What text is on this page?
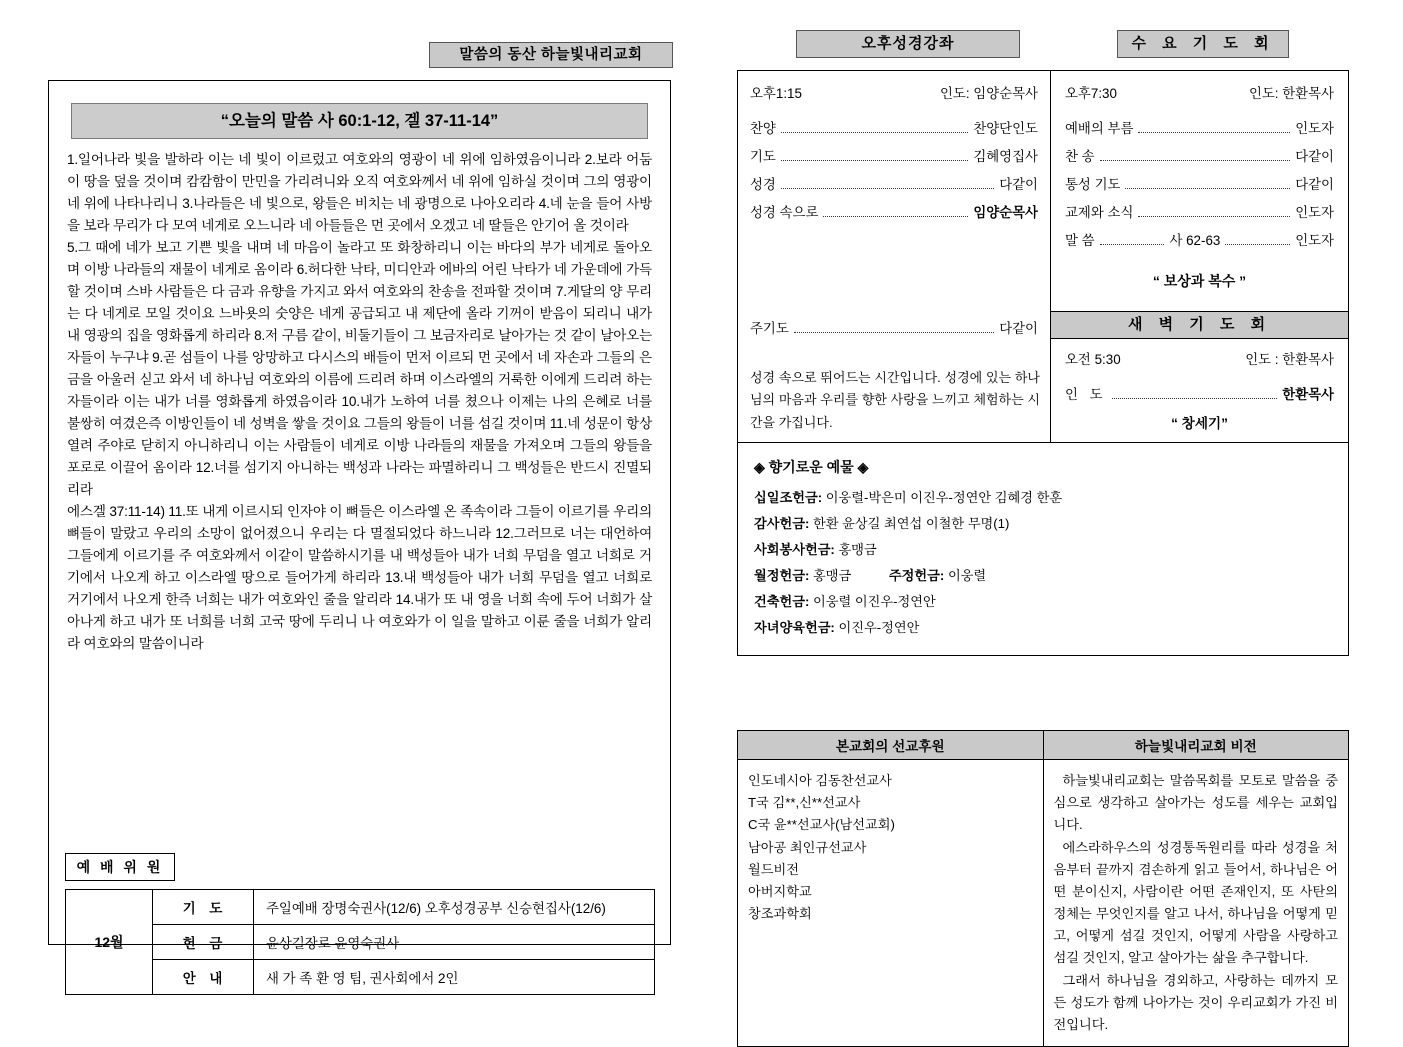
말씀의 동산 하늘빛내리교회
“오늘의 말씀 사 60:1-12, 겔 37-11-14”

1.일어나라 빛을 발하라 이는 네 빛이 이르렀고 여호와의 영광이 네 위에 임하였음이니라 2.보라 어둠이 땅을 덮을 것이며 캄캄함이 만민을 가리려니와 오직 여호와께서 네 위에 임하실 것이며 그의 영광이 네 위에 나타나리니 3.나라들은 네 빛으로, 왕들은 비치는 네 광명으로 나아오리라 4.네 눈을 들어 사방을 보라 무리가 다 모여 네게로 오느니라 네 아들들은 먼 곳에서 오겠고 네 딸들은 안기어 올 것이라

5.그 때에 네가 보고 기쁜 빛을 내며 네 마음이 놀라고 또 화창하리니 이는 바다의 부가 네게로 돌아오며 이방 나라들의 재물이 네게로 옴이라 6.허다한 낙타, 미디안과 에바의 어린 낙타가 네 가운데에 가득할 것이며 스바 사람들은 다 금과 유향을 가지고 와서 여호와의 찬송을 전파할 것이며 7.게달의 양 무리는 다 네게로 모일 것이요 느바욧의 숫양은 네게 공급되고 내 제단에 올라 기꺼이 받음이 되리니 내가 내 영광의 집을 영화롭게 하리라 8.저 구름 같이, 비둘기들이 그 보금자리로 날아가는 것 같이 날아오는 자들이 누구냐 9.곧 섬들이 나를 앙망하고 다시스의 배들이 먼저 이르되 먼 곳에서 네 자손과 그들의 은금을 아울러 싣고 와서 네 하나님 여호와의 이름에 드리려 하며 이스라엘의 거룩한 이에게 드리려 하는 자들이라 이는 내가 너를 영화롭게 하였음이라 10.내가 노하여 너를 쳤으나 이제는 나의 은혜로 너를 불쌍히 여겼은즉 이방인들이 네 성벽을 쌓을 것이요 그들의 왕들이 너를 섬길 것이며 11.네 성문이 항상 열려 주야로 닫히지 아니하리니 이는 사람들이 네게로 이방 나라들의 재물을 가져오며 그들의 왕들을 포로로 이끌어 옴이라 12.너를 섬기지 아니하는 백성과 나라는 파멸하리니 그 백성들은 반드시 진멸되리라

에스겔 37:11-14) 11.또 내게 이르시되 인자야 이 뼈들은 이스라엘 온 족속이라 그들이 이르기를 우리의 뼈들이 말랐고 우리의 소망이 없어졌으니 우리는 다 멸절되었다 하느니라 12.그러므로 너는 대언하여 그들에게 이르기를 주 여호와께서 이같이 말씀하시기를 내 백성들아 내가 너희 무덤을 열고 너희로 거기에서 나오게 하고 이스라엘 땅으로 들어가게 하리라 13.내 백성들아 내가 너희 무덤을 열고 너희로 거기에서 나오게 한즉 너희는 내가 여호와인 줄을 알리라 14.내가 또 내 영을 너희 속에 두어 너희가 살아나게 하고 내가 또 너희를 너희 고국 땅에 두리니 나 여호와가 이 일을 말하고 이룬 줄을 너희가 알리라 여호와의 말씀이니라

예 배 위 원
12월	기 도	주일예배 장명숙권사(12/6) 오후성경공부 신승현집사(12/6)
	헌 금	윤상길장로 윤영숙권사
	안 내	새 가 족 환 영 팀, 권사회에서 2인
오후성경강좌	수 요 기 도 회
오후1:15	인도: 임양순목사
찬양	찬양단인도
기도	김혜영집사
성경	다같이
성경 속으로	임양순목사
주기도	다같이
성경 속으로 뛰어드는 시간입니다. 성경에 있는 하나님의 마음과 우리를 향한 사랑을 느끼고 체험하는 시간을 가집니다.
오후7:30	인도: 한환목사
예배의 부름	인도자
찬 송	다같이
통성 기도	다같이
교제와 소식	인도자
말 씀	사 62-63	인도자
“ 보상과 복수 ”
새 벽 기 도 회
오전 5:30	인도 : 한환목사
인 도	한환목사
“ 창세기”
◈ 향기로운 예물 ◈
십일조헌금: 이웅렬-박은미 이진우-정연안 김혜경 한훈
감사헌금: 한환 윤상길 최연섭 이철한 무명(1)
사회봉사헌금: 홍맹금
월정헌금: 홍맹금	주정헌금: 이웅렬
건축헌금: 이웅렬 이진우-정연안
자녀양육헌금: 이진우-정연안
본교회의 선교후원	하늘빛내리교회 비전

인도네시아 김동찬선교사
T국 김**,신**선교사
C국 윤**선교사(남선교회)
남아공 최인규선교사
월드비전
아버지학교
창조과학회

하늘빛내리교회는 말씀목회를 모토로 말씀을 중심으로 생각하고 살아가는 성도를 세우는 교회입니다.

에스라하우스의 성경통독원리를 따라 성경을 처음부터 끝까지 겸손하게 읽고 들어서, 하나님은 어떤 분이신지, 사람이란 어떤 존재인지, 또 사탄의 정체는 무엇인지를 알고 나서, 하나님을 어떻게 믿고, 어떻게 섬길 것인지, 어떻게 사람을 사랑하고 섬길 것인지, 알고 살아가는 삶을 추구합니다.

그래서 하나님을 경외하고, 사랑하는 데까지 모든 성도가 함께 나아가는 것이 우리교회가 가진 비전입니다.
